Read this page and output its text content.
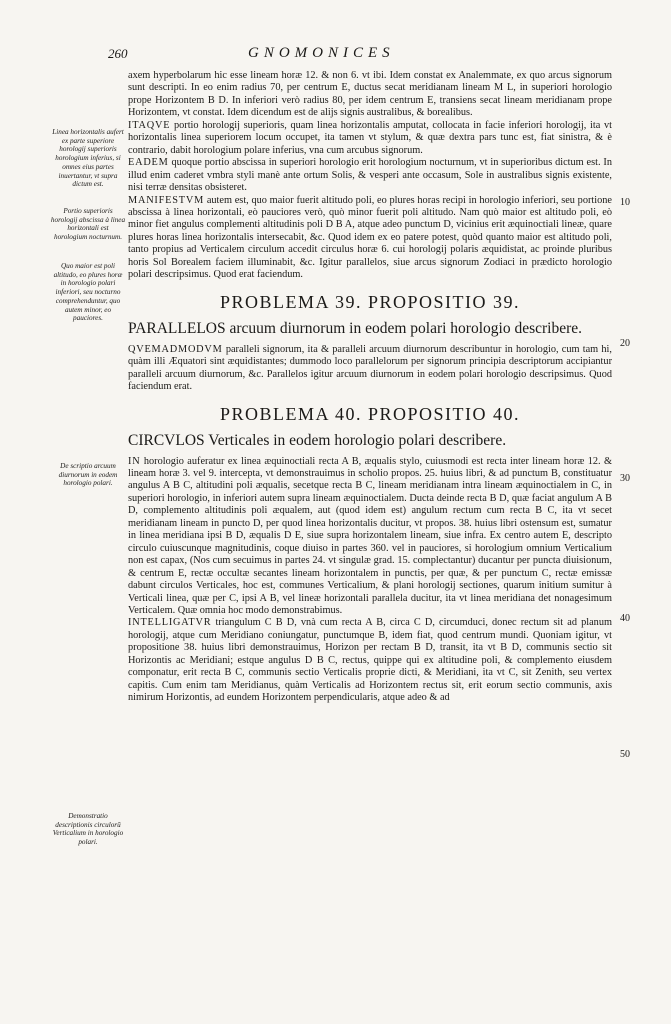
260	GNOMONICES
Linea horizontalis aufert ex parte superiore horologij superioris horologium inferius, si omnes eius partes inuertantur, vt supra dictum est.
Portio superioris horologij abscissa à linea horizontali est horologium nocturnum.
Quo maior est poli altitudo, eo plures horæ in horologio polari inferiori, seu nocturno comprehenduntur, quo autem minor, eo pauciores.
De scriptio arcuum diurnorum in eodem horologio polari.
Demonstratio descriptionis circulorū Verticalium in horologio polari.
10
20
30
40
50

axem hyperbolarum hic esse lineam horæ 12. & non 6. vt ibi. Idem constat ex Analemmate, ex quo arcus signorum sunt descripti. In eo enim radius 70, per centrum E, ductus secat meridianam lineam M L, in superiori horologio prope Horizontem B D. In inferiori verò radius 80, per idem centrum E, transiens secat lineam meridianam prope Horizontem, vt constat. Idem dicendum est de alijs signis australibus, & borealibus.

ITAQVE portio horologij superioris, quam linea horizontalis amputat, collocata in facie inferiori horologij, ita vt horizontalis linea superiorem locum occupet, ita tamen vt stylum, & quæ dextra pars tunc est, fiat sinistra, & è contrario, dabit horologium polare inferius, vna cum arcubus signorum.

EADEM quoque portio abscissa in superiori horologio erit horologium nocturnum, vt in superioribus dictum est. In illud enim caderet vmbra styli manè ante ortum Solis, & vesperi ante occasum, Sole in australibus signis existente, nisi terræ densitas obsisteret.

MANIFESTVM autem est, quo maior fuerit altitudo poli, eo plures horas recipi in horologio inferiori, seu portione abscissa à linea horizontali, eò pauciores verò, quò minor fuerit poli altitudo. Nam quò maior est altitudo poli, eò minor fiet angulus complementi altitudinis poli D B A, atque adeo punctum D, vicinius erit æquinoctiali lineæ, quare plures horas linea horizontalis intersecabit, &c. Quod idem ex eo patere potest, quòd quanto maior est altitudo poli, tanto propius ad Verticalem circulum accedit circulus horæ 6. cui horologij polaris æquidistat, ac proinde pluribus horis Sol Borealem faciem illuminabit, &c. Igitur parallelos, siue arcus signorum Zodiaci in prædicto horologio polari descripsimus. Quod erat faciendum.

PROBLEMA 39. PROPOSITIO 39.
PARALLELOS arcuum diurnorum in eodem polari horologio describere.

QVEMADMODVM paralleli signorum, ita & paralleli arcuum diurnorum describuntur in horologio, cum tam hi, quàm illi Æquatori sint æquidistantes; dummodo loco parallelorum per signorum principia descriptorum accipiantur paralleli arcuum diurnorum, &c. Parallelos igitur arcuum diurnorum in eodem polari horologio descripsimus. Quod faciendum erat.

PROBLEMA 40. PROPOSITIO 40.
CIRCVLOS Verticales in eodem horologio polari describere.

IN horologio auferatur ex linea æquinoctiali recta A B, æqualis stylo, cuiusmodi est recta inter lineam horæ 12. & lineam horæ 3. vel 9. intercepta, vt demonstrauimus in scholio propos. 25. huius libri, & ad punctum B, constituatur angulus A B C, altitudini poli æqualis, secetque recta B C, lineam meridianam intra lineam æquinoctialem in C, in superiori horologio, in inferiori autem supra lineam æquinoctialem. Ducta deinde recta B D, quæ faciat angulum A B D, complemento altitudinis poli æqualem, aut (quod idem est) angulum rectum cum recta B C, ita vt secet meridianam lineam in puncto D, per quod linea horizontalis ducitur, vt propos. 38. huius libri ostensum est, sumatur in linea meridiana ipsi B D, æqualis D E, siue supra horizontalem lineam, siue infra. Ex centro autem E, descripto circulo cuiuscunque magnitudinis, coque diuiso in partes 360. vel in pauciores, si horologium omnium Verticalium non est capax, (Nos cum secuimus in partes 24. vt singulæ grad. 15. complectantur) ducantur per puncta diuisionum, & centrum E, rectæ occultæ secantes lineam horizontalem in punctis, per quæ, & per punctum C, rectæ emissæ dabunt circulos Verticales, hoc est, communes Verticalium, & plani horologij sectiones, quarum initium sumitur à Verticali linea, quæ per C, ipsi A B, vel lineæ horizontali parallela ducitur, ita vt linea meridiana det nonagesimum Verticalem. Quæ omnia hoc modo demonstrabimus.

INTELLIGATVR triangulum C B D, vnà cum recta A B, circa C D, circumduci, donec rectum sit ad planum horologij, atque cum Meridiano coniungatur, punctumque B, idem fiat, quod centrum mundi. Quoniam igitur, vt propositione 38. huius libri demonstrauimus, Horizon per rectam B D, transit, ita vt B D, communis sectio sit Horizontis ac Meridiani; estque angulus D B C, rectus, quippe qui ex altitudine poli, & complemento eiusdem componatur, erit recta B C, communis sectio Verticalis proprie dicti, & Meridiani, ita vt C, sit Zenith, seu vertex capitis. Cum enim tam Meridianus, quàm Verticalis ad Horizontem rectus sit, erit eorum sectio communis, axis nimirum Horizontis, ad eundem Horizontem perpendicularis, atque adeo & ad
